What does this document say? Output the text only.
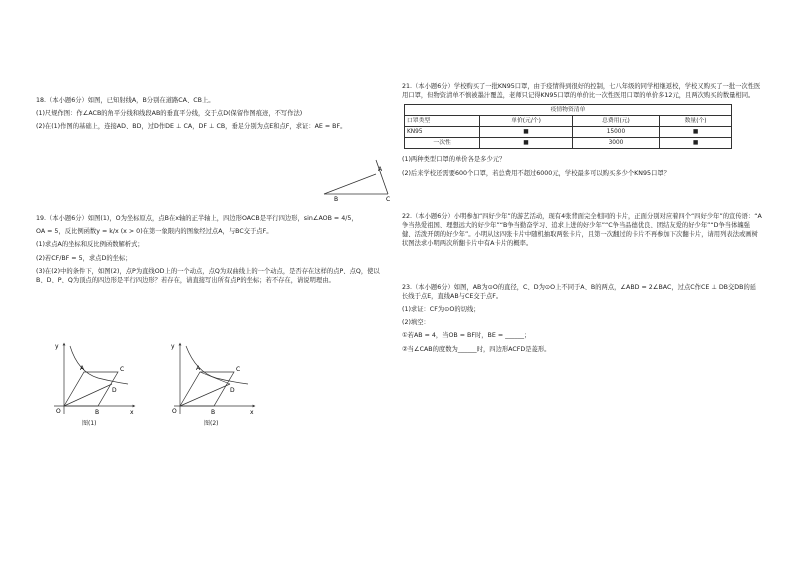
18.（本小题6分）如图，已知射线A，B分别在道路CA、CB上。

(1)尺规作图：作∠ACB的角平分线和线段AB的垂直平分线，交于点D(保留作图痕迹，不写作法)

(2)在(1)作图的基础上，连接AD、BD，过D作DE ⊥ CA，DF ⊥ CB，垂足分别为点E和点F，求证：AE = BF。

A
B	C

19.（本小题6分）如图(1)，O为坐标原点，点B在x轴的正半轴上，四边形OACB是平行四边形，sin∠AOB = 4/5，

OA = 5，反比例函数y = k/x (x > 0)在第一象限内的图象经过点A，与BC交于点F。

(1)求点A的坐标和反比例函数解析式；

(2)若CF/BF = 5，求点D的坐标；

(3)在(2)中的条件下，如图(2)，点P为直线OD上的一个动点，点Q为双曲线上的一个动点，是否存在这样的点P、点Q，使以B、D、P、Q为顶点的四边形是平行四边形？若存在，请直接写出所有点P的坐标；若不存在，请说明理由。

y
x
O
A	C
B
D
图(1)
y
x
O
A	C
B
D
图(2)

21.（本小题6分）学校购买了一批KN95口罩，由于疫情得到很好的控制，七八年级的同学相继返校，学校又购买了一批一次性医用口罩，但物资清单不慎被墨汁覆盖，老师只记得KN95口罩的单价比一次性医用口罩的单价多12元，且两次购买的数量相同。

疫情物资清单			
口罩类型	单价(元/个)	总费用(元)	数量(个)
KN95	■	15000	■
一次性	■	3000	■

(1)两种类型口罩的单价各是多少元？

(2)后来学校还需要600个口罩，若总费用不超过6000元，学校最多可以购买多少个KN95口罩？

22.（本小题6分）小明参加“四好少年”的游艺活动，现有4张背面完全相同的卡片，正面分别对应着四个“四好少年”的宣传语：“A争当热爱祖国、理想远大的好少年”“B争当勤奋学习、追求上进的好少年”“C争当品德优良、团结友爱的好少年”“D争当体魄强健、活泼开朗的好少年”。小明从这四张卡片中随机抽取两张卡片，且第一次翻过的卡片不再参加下次翻卡片，请用列表法或画树状图法求小明两次所翻卡片中有A卡片的概率。

23.（本小题6分）如图，AB为⊙O的直径，C、D为⊙O上不同于A、B的两点，∠ABD = 2∠BAC，过点C作CE ⊥ DB交DB的延长线于点E，直线AB与CE交于点F。

(1)求证：CF为⊙O的切线；

(2)填空：

①若AB = 4，当OB = BF时，BE = ______；

②当∠CAB的度数为______时，四边形ACFD是菱形。
